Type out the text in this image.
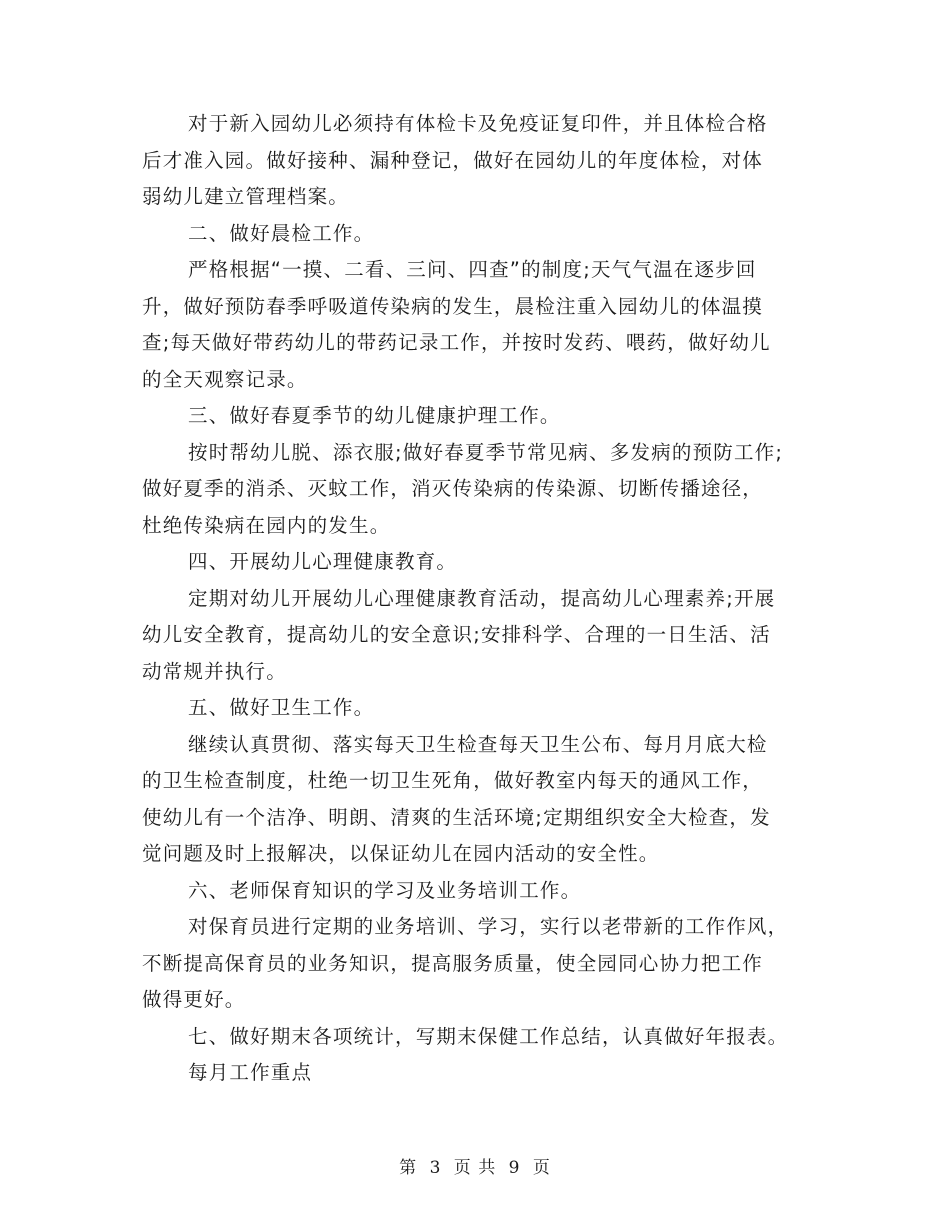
对于新入园幼儿必须持有体检卡及免疫证复印件，并且体检合格
后才准入园。做好接种、漏种登记，做好在园幼儿的年度体检，对体
弱幼儿建立管理档案。
二、做好晨检工作。
严格根据“一摸、二看、三问、四查”的制度;天气气温在逐步回
升，做好预防春季呼吸道传染病的发生，晨检注重入园幼儿的体温摸
查;每天做好带药幼儿的带药记录工作，并按时发药、喂药，做好幼儿
的全天观察记录。
三、做好春夏季节的幼儿健康护理工作。
按时帮幼儿脱、添衣服;做好春夏季节常见病、多发病的预防工作;
做好夏季的消杀、灭蚊工作，消灭传染病的传染源、切断传播途径，
杜绝传染病在园内的发生。
四、开展幼儿心理健康教育。
定期对幼儿开展幼儿心理健康教育活动，提高幼儿心理素养;开展
幼儿安全教育，提高幼儿的安全意识;安排科学、合理的一日生活、活
动常规并执行。
五、做好卫生工作。
继续认真贯彻、落实每天卫生检查每天卫生公布、每月月底大检
的卫生检查制度，杜绝一切卫生死角，做好教室内每天的通风工作，
使幼儿有一个洁净、明朗、清爽的生活环境;定期组织安全大检查，发
觉问题及时上报解决，以保证幼儿在园内活动的安全性。
六、老师保育知识的学习及业务培训工作。
对保育员进行定期的业务培训、学习，实行以老带新的工作作风，
不断提高保育员的业务知识，提高服务质量，使全园同心协力把工作
做得更好。
七、做好期末各项统计，写期末保健工作总结，认真做好年报表。
每月工作重点
第 3 页 共 9 页
